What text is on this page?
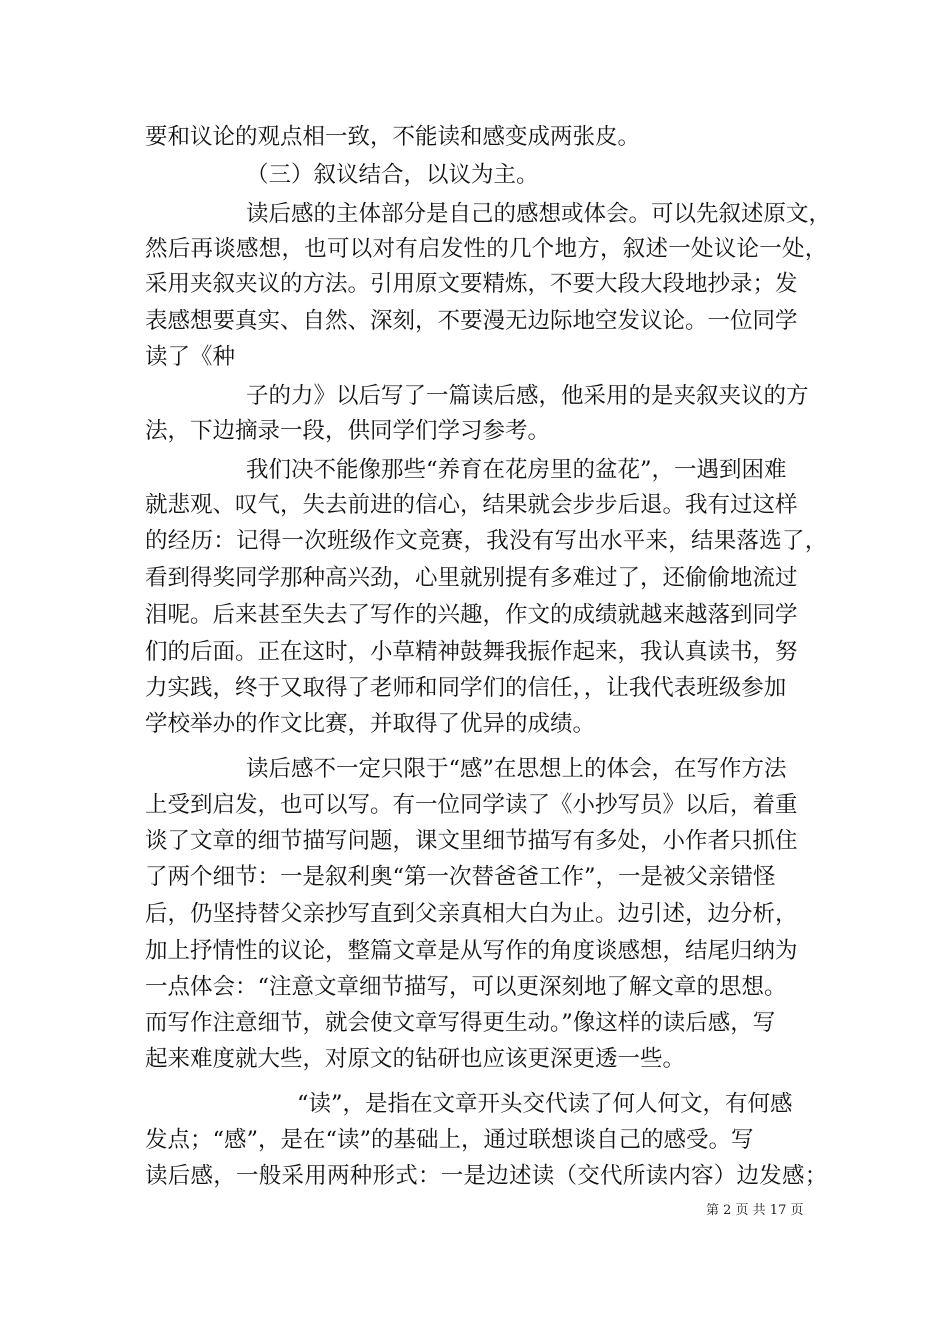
要和议论的观点相一致，不能读和感变成两张皮。

（三）叙议结合，以议为主。

读后感的主体部分是自己的感想或体会。可以先叙述原文，

然后再谈感想，也可以对有启发性的几个地方，叙述一处议论一处，

采用夹叙夹议的方法。引用原文要精炼，不要大段大段地抄录；发

表感想要真实、自然、深刻，不要漫无边际地空发议论。一位同学

读了《种

子的力》以后写了一篇读后感，他采用的是夹叙夹议的方

法，下边摘录一段，供同学们学习参考。

我们决不能像那些“养育在花房里的盆花”，一遇到困难

就悲观、叹气，失去前进的信心，结果就会步步后退。我有过这样

的经历：记得一次班级作文竞赛，我没有写出水平来，结果落选了，

看到得奖同学那种高兴劲，心里就别提有多难过了，还偷偷地流过

泪呢。后来甚至失去了写作的兴趣，作文的成绩就越来越落到同学

们的后面。正在这时，小草精神鼓舞我振作起来，我认真读书，努

力实践，终于又取得了老师和同学们的信任，，让我代表班级参加

学校举办的作文比赛，并取得了优异的成绩。

读后感不一定只限于“感”在思想上的体会，在写作方法

上受到启发，也可以写。有一位同学读了《小抄写员》以后，着重

谈了文章的细节描写问题，课文里细节描写有多处，小作者只抓住

了两个细节：一是叙利奥“第一次替爸爸工作”，一是被父亲错怪

后，仍坚持替父亲抄写直到父亲真相大白为止。边引述，边分析，

加上抒情性的议论，整篇文章是从写作的角度谈感想，结尾归纳为

一点体会：“注意文章细节描写，可以更深刻地了解文章的思想。

而写作注意细节，就会使文章写得更生动。”像这样的读后感，写

起来难度就大些，对原文的钻研也应该更深更透一些。

“读”，是指在文章开头交代读了何人何文，有何感

发点；“感”，是在“读”的基础上，通过联想谈自己的感受。写

读后感，一般采用两种形式：一是边述读（交代所读内容）边发感；

第 2 页 共 17 页
